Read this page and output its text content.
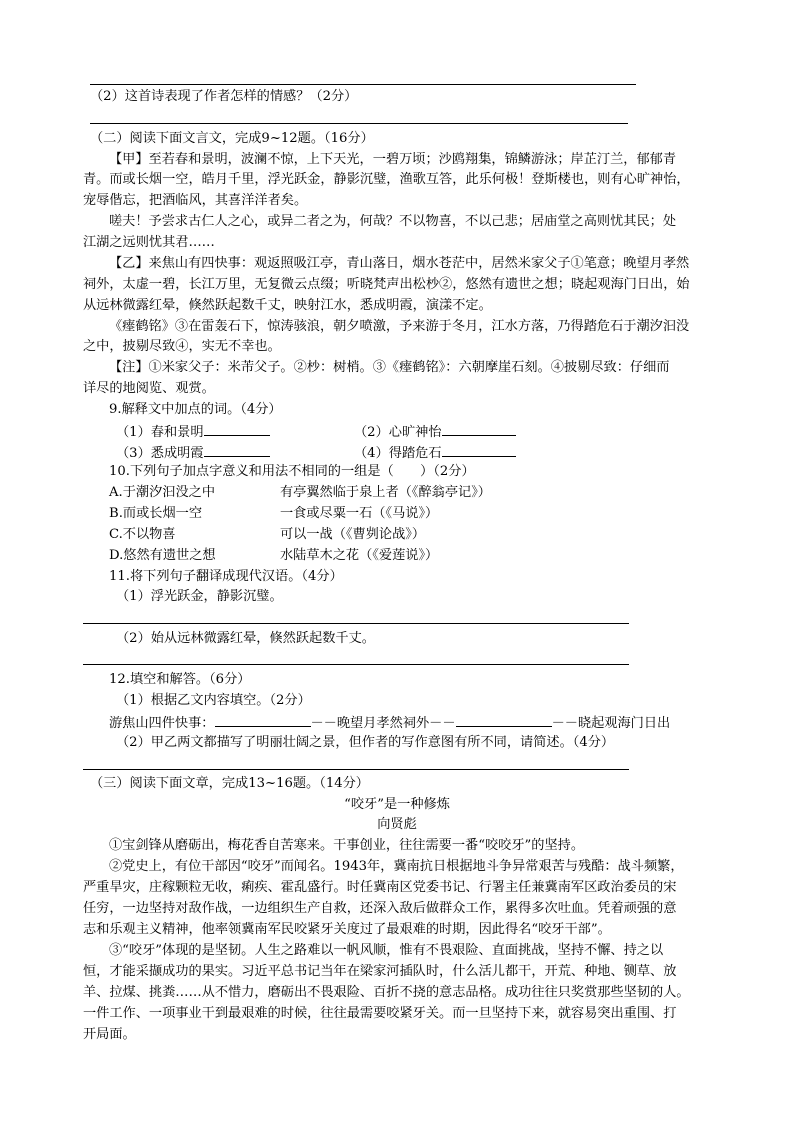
（2）这首诗表现了作者怎样的情感？（2分）
（二）阅读下面文言文，完成9~12题。（16分）
【甲】至若春和景明，波澜不惊，上下天光，一碧万顷；沙鸥翔集，锦鳞游泳；岸芷汀兰，郁郁青
青。而或长烟一空，皓月千里，浮光跃金，静影沉璧，渔歌互答，此乐何极！登斯楼也，则有心旷神怡，
宠辱偕忘，把酒临风，其喜洋洋者矣。
嗟夫！予尝求古仁人之心，或异二者之为，何哉？不以物喜，不以己悲；居庙堂之高则忧其民；处
江湖之远则忧其君……
【乙】来焦山有四快事：观返照吸江亭，青山落日，烟水苍茫中，居然米家父子①笔意；晚望月孝然
祠外，太虚一碧，长江万里，无复微云点缀；听晓梵声出松杪②，悠然有遗世之想；晓起观海门日出，始
从远林微露红晕，倏然跃起数千丈，映射江水，悉成明霞，演漾不定。
《瘗鹤铭》③在雷轰石下，惊涛骇浪，朝夕喷激，予来游于冬月，江水方落，乃得踏危石于潮汐汩没
之中，披剔尽致④，实无不幸也。
【注】①米家父子：米芾父子。②杪：树梢。③《瘗鹤铭》：六朝摩崖石刻。④披剔尽致：仔细而
详尽的地阅览、观赏。
9.解释文中加点的词。（4分）
（1）春和景明	（2）心旷神怡
（3）悉成明霞	（4）得踏危石
10.下列句子加点字意义和用法不相同的一组是（　　）（2分）
A.于潮汐汩没之中	有亭翼然临于泉上者（《醉翁亭记》）
B.而或长烟一空	一食或尽粟一石（《马说》）
C.不以物喜	可以一战（《曹刿论战》）
D.悠然有遗世之想	水陆草木之花（《爱莲说》）
11.将下列句子翻译成现代汉语。（4分）
（1）浮光跃金，静影沉璧。
（2）始从远林微露红晕，倏然跃起数千丈。
12.填空和解答。（6分）
（1）根据乙文内容填空。（2分）
游焦山四件快事：	－－晚望月孝然祠外－－	－－晓起观海门日出
（2）甲乙两文都描写了明丽壮阔之景，但作者的写作意图有所不同，请简述。（4分）
（三）阅读下面文章，完成13~16题。（14分）
“咬牙”是一种修炼
向贤彪
①宝剑锋从磨砺出，梅花香自苦寒来。干事创业，往往需要一番“咬咬牙”的坚持。
②党史上，有位干部因“咬牙”而闻名。1943年，冀南抗日根据地斗争异常艰苦与残酷：战斗频繁，
严重旱灾，庄稼颗粒无收，痢疾、霍乱盛行。时任冀南区党委书记、行署主任兼冀南军区政治委员的宋
任穷，一边坚持对敌作战，一边组织生产自救，还深入敌后做群众工作，累得多次吐血。凭着顽强的意
志和乐观主义精神，他率领冀南军民咬紧牙关度过了最艰难的时期，因此得名“咬牙干部”。
③“咬牙”体现的是坚韧。人生之路难以一帆风顺，惟有不畏艰险、直面挑战，坚持不懈、持之以
恒，才能采撷成功的果实。习近平总书记当年在梁家河插队时，什么活儿都干，开荒、种地、铡草、放
羊、拉煤、挑粪……从不惜力，磨砺出不畏艰险、百折不挠的意志品格。成功往往只奖赏那些坚韧的人。
一件工作、一项事业干到最艰难的时候，往往最需要咬紧牙关。而一旦坚持下来，就容易突出重围、打
开局面。
